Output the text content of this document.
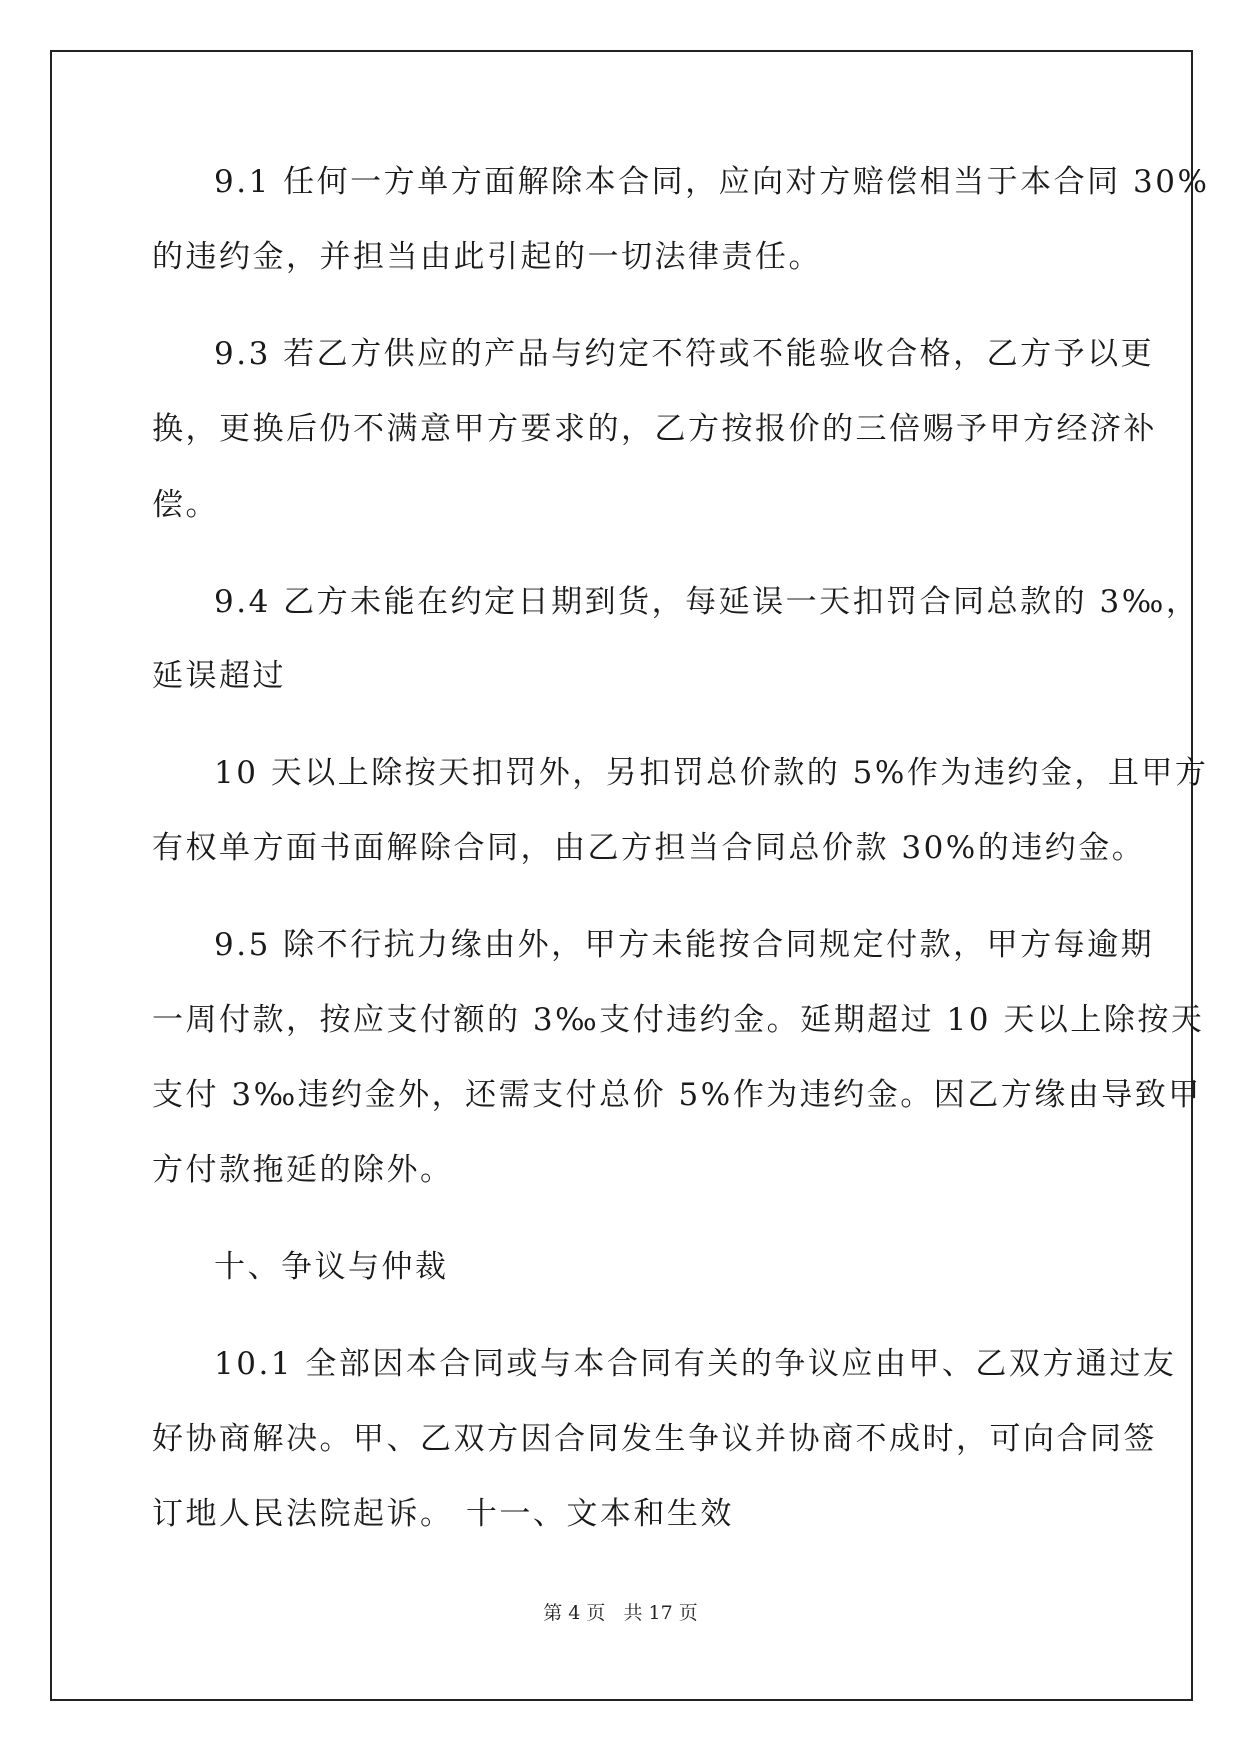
9.1 任何一方单方面解除本合同，应向对方赔偿相当于本合同 30%

的违约金，并担当由此引起的一切法律责任。

9.3 若乙方供应的产品与约定不符或不能验收合格，乙方予以更

换，更换后仍不满意甲方要求的，乙方按报价的三倍赐予甲方经济补

偿。

9.4 乙方未能在约定日期到货，每延误一天扣罚合同总款的 3‰，

延误超过

10 天以上除按天扣罚外，另扣罚总价款的 5%作为违约金，且甲方

有权单方面书面解除合同，由乙方担当合同总价款 30%的违约金。

9.5 除不行抗力缘由外，甲方未能按合同规定付款，甲方每逾期

一周付款，按应支付额的 3‰支付违约金。延期超过 10 天以上除按天

支付 3‰违约金外，还需支付总价 5%作为违约金。因乙方缘由导致甲

方付款拖延的除外。

十、争议与仲裁

10.1 全部因本合同或与本合同有关的争议应由甲、乙双方通过友

好协商解决。甲、乙双方因合同发生争议并协商不成时，可向合同签

订地人民法院起诉。 十一、文本和生效

第 4 页 共 17 页
